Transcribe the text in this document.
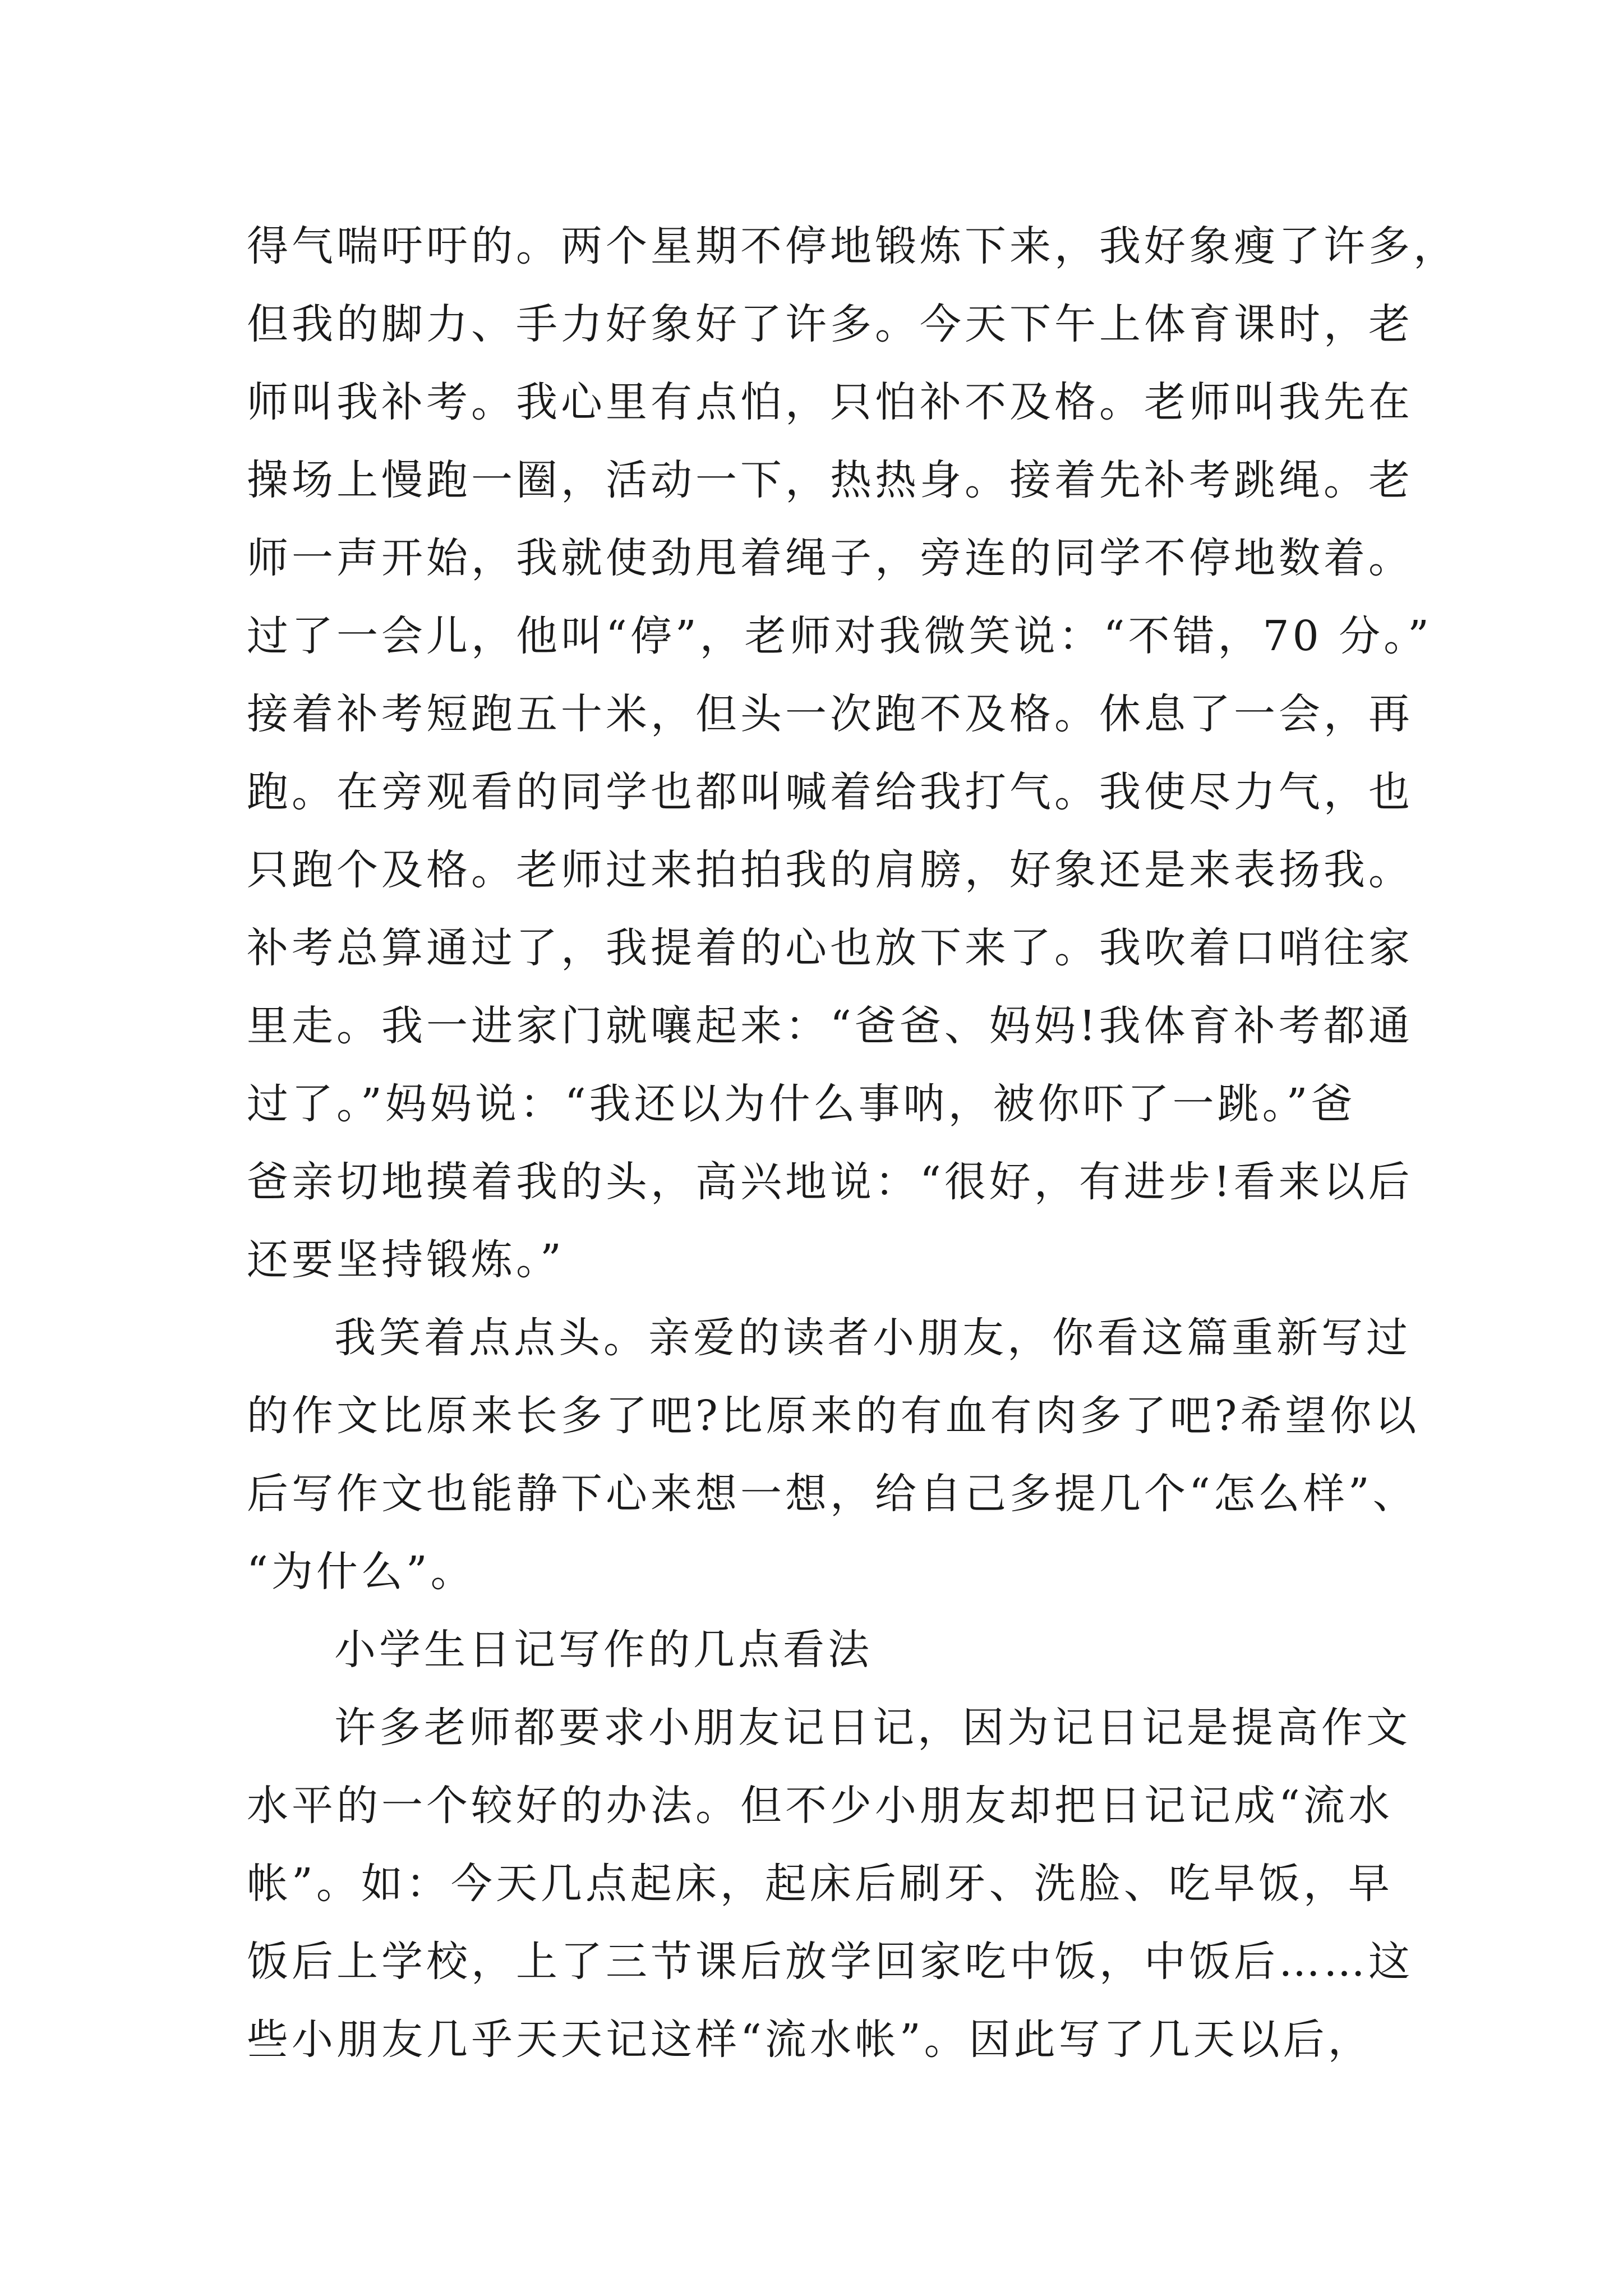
得气喘吁吁的。两个星期不停地锻炼下来，我好象瘦了许多，
但我的脚力、手力好象好了许多。今天下午上体育课时，老
师叫我补考。我心里有点怕，只怕补不及格。老师叫我先在
操场上慢跑一圈，活动一下，热热身。接着先补考跳绳。老
师一声开始，我就使劲甩着绳子，旁连的同学不停地数着。
过了一会儿，他叫“停”，老师对我微笑说：“不错，70 分。”
接着补考短跑五十米，但头一次跑不及格。休息了一会，再
跑。在旁观看的同学也都叫喊着给我打气。我使尽力气，也
只跑个及格。老师过来拍拍我的肩膀，好象还是来表扬我。
补考总算通过了，我提着的心也放下来了。我吹着口哨往家
里走。我一进家门就嚷起来：“爸爸、妈妈!我体育补考都通
过了。”妈妈说：“我还以为什么事呐，被你吓了一跳。”爸
爸亲切地摸着我的头，高兴地说：“很好，有进步!看来以后
还要坚持锻炼。”
我笑着点点头。亲爱的读者小朋友，你看这篇重新写过
的作文比原来长多了吧?比原来的有血有肉多了吧?希望你以
后写作文也能静下心来想一想，给自己多提几个“怎么样”、
“为什么”。
小学生日记写作的几点看法
许多老师都要求小朋友记日记，因为记日记是提高作文
水平的一个较好的办法。但不少小朋友却把日记记成“流水
帐”。如：今天几点起床，起床后刷牙、洗脸、吃早饭，早
饭后上学校，上了三节课后放学回家吃中饭，中饭后……这
些小朋友几乎天天记这样“流水帐”。因此写了几天以后，
